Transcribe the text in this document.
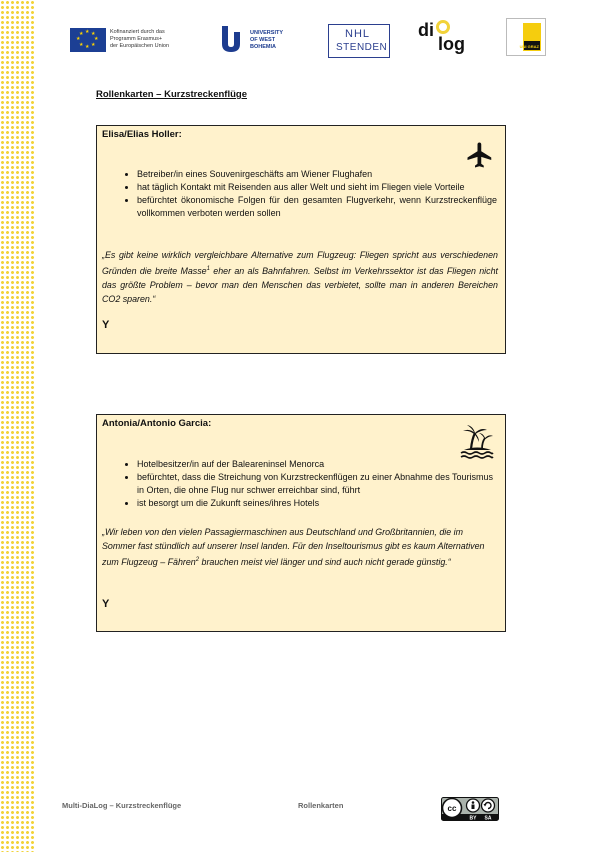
★ ★
★
★
★
★
★
★	Kofinanziert durch das
Programm Erasmus+
der Europäischen Union
UNIVERSITY
OF WEST
BOHEMIA
NHL
STENDEN
di
log	UNI GRAZ
Rollenkarten – Kurzstreckenflüge
Elisa/Elias Holler:
• Betreiber/in eines Souvenirgeschäfts am Wiener Flughafen
• hat täglich Kontakt mit Reisenden aus aller Welt und sieht im Fliegen viele Vorteile
• befürchtet ökonomische Folgen für den gesamten Flugverkehr, wenn Kurzstreckenflüge vollkommen verboten werden sollen
„Es gibt keine wirklich vergleichbare Alternative zum Flugzeug: Fliegen spricht aus verschiedenen Gründen die breite Masse$^1$ eher an als Bahnfahren. Selbst im Verkehrssektor ist das Fliegen nicht das größte Problem – bevor man den Menschen das verbietet, sollte man in anderen Bereichen CO2 sparen.“
Y
Antonia/Antonio Garcia:
• Hotelbesitzer/in auf der Baleareninsel Menorca
• befürchtet, dass die Streichung von Kurzstreckenflügen zu einer Abnahme des Tourismus in Orten, die ohne Flug nur schwer erreichbar sind, führt
• ist besorgt um die Zukunft seines/ihres Hotels
„Wir leben von den vielen Passagiermaschinen aus Deutschland und Großbritannien, die im Sommer fast stündlich auf unserer Insel landen. Für den Inseltourismus gibt es kaum Alternativen zum Flugzeug – Fähren$^2$ brauchen meist viel länger und sind auch nicht gerade günstig.“
Y
Multi-DiaLog – Kurzstreckenflüge	Rollenkarten	cc
BY SA
